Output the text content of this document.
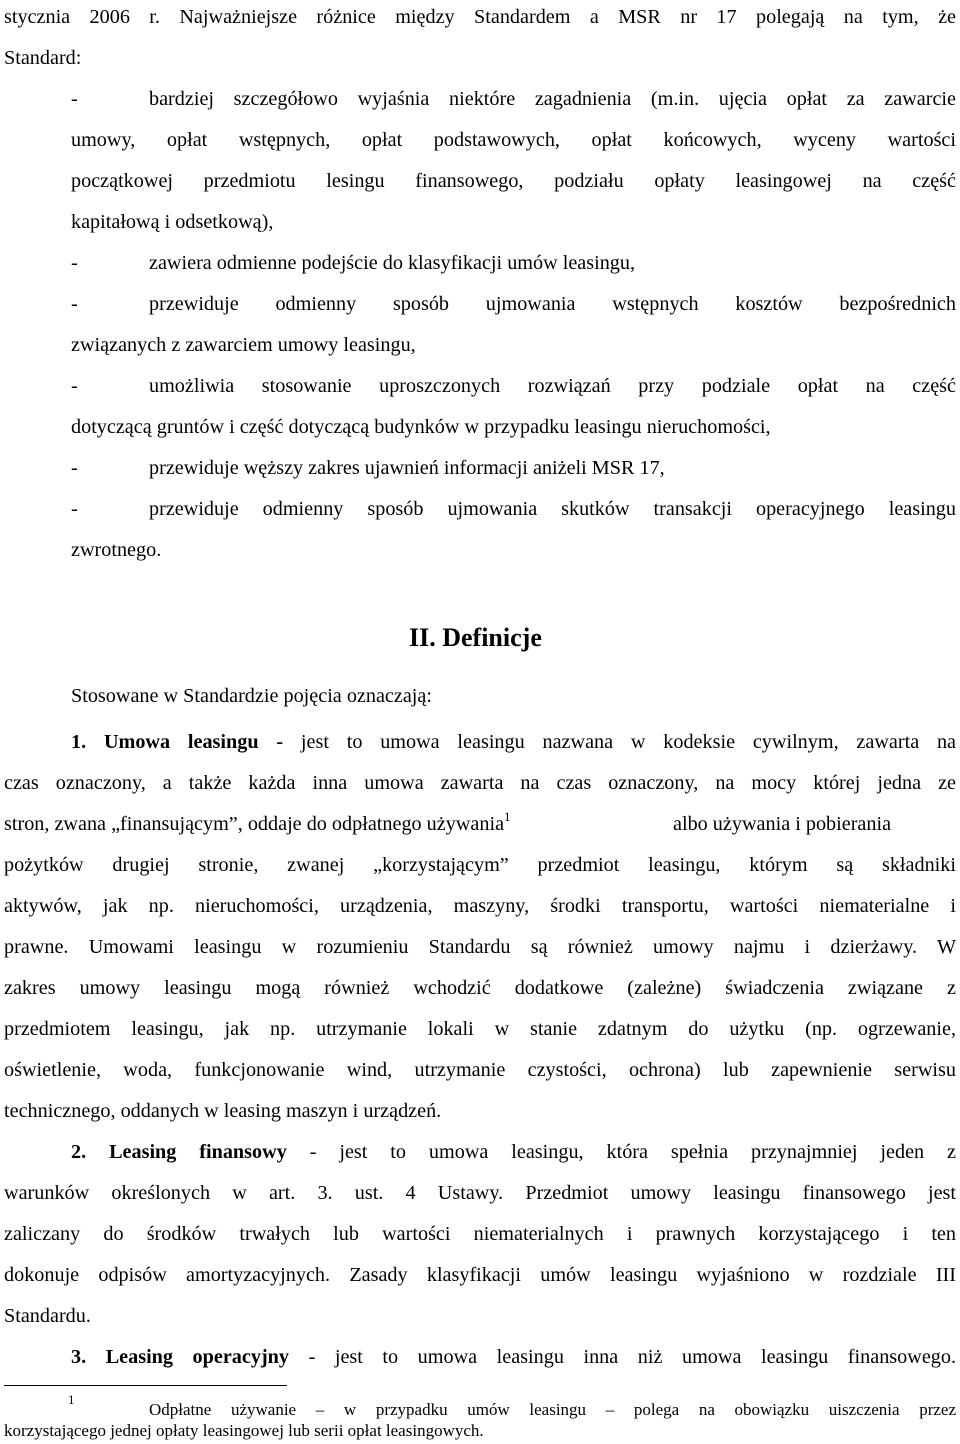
stycznia 2006 r. Najważniejsze różnice między Standardem a MSR nr 17 polegają na tym, że
Standard:
-	bardziej szczegółowo wyjaśnia niektóre zagadnienia (m.in. ujęcia opłat za zawarcie
umowy, opłat wstępnych, opłat podstawowych, opłat końcowych, wyceny wartości
początkowej przedmiotu lesingu finansowego, podziału opłaty leasingowej na część
kapitałową i odsetkową),
-	zawiera odmienne podejście do klasyfikacji umów leasingu,
-	przewiduje odmienny sposób ujmowania wstępnych kosztów bezpośrednich
związanych z zawarciem umowy leasingu,
-	umożliwia stosowanie uproszczonych rozwiązań przy podziale opłat na część
dotyczącą gruntów i część dotyczącą budynków w przypadku leasingu nieruchomości,
-	przewiduje węższy zakres ujawnień informacji aniżeli MSR 17,
-	przewiduje odmienny sposób ujmowania skutków transakcji operacyjnego leasingu
zwrotnego.
II. Definicje
Stosowane w Standardzie pojęcia oznaczają:
1. Umowa leasingu - jest to umowa leasingu nazwana w kodeksie cywilnym, zawarta na
czas oznaczony, a także każda inna umowa zawarta na czas oznaczony, na mocy której jedna ze
stron, zwana „finansującym”, oddaje do odpłatnego używania$^1$	albo używania i pobierania
pożytków drugiej stronie, zwanej „korzystającym” przedmiot leasingu, którym są składniki
aktywów, jak np. nieruchomości, urządzenia, maszyny, środki transportu, wartości niematerialne i
prawne. Umowami leasingu w rozumieniu Standardu są również umowy najmu i dzierżawy. W
zakres umowy leasingu mogą również wchodzić dodatkowe (zależne) świadczenia związane z
przedmiotem leasingu, jak np. utrzymanie lokali w stanie zdatnym do użytku (np. ogrzewanie,
oświetlenie, woda, funkcjonowanie wind, utrzymanie czystości, ochrona) lub zapewnienie serwisu
technicznego, oddanych w leasing maszyn i urządzeń.
2. Leasing finansowy - jest to umowa leasingu, która spełnia przynajmniej jeden z
warunków określonych w art. 3. ust. 4 Ustawy. Przedmiot umowy leasingu finansowego jest
zaliczany do środków trwałych lub wartości niematerialnych i prawnych korzystającego i ten
dokonuje odpisów amortyzacyjnych. Zasady klasyfikacji umów leasingu wyjaśniono w rozdziale III
Standardu.
3. Leasing operacyjny - jest to umowa leasingu inna niż umowa leasingu finansowego.
1
Odpłatne używanie – w przypadku umów leasingu – polega na obowiązku uiszczenia przez
korzystającego jednej opłaty leasingowej lub serii opłat leasingowych.
